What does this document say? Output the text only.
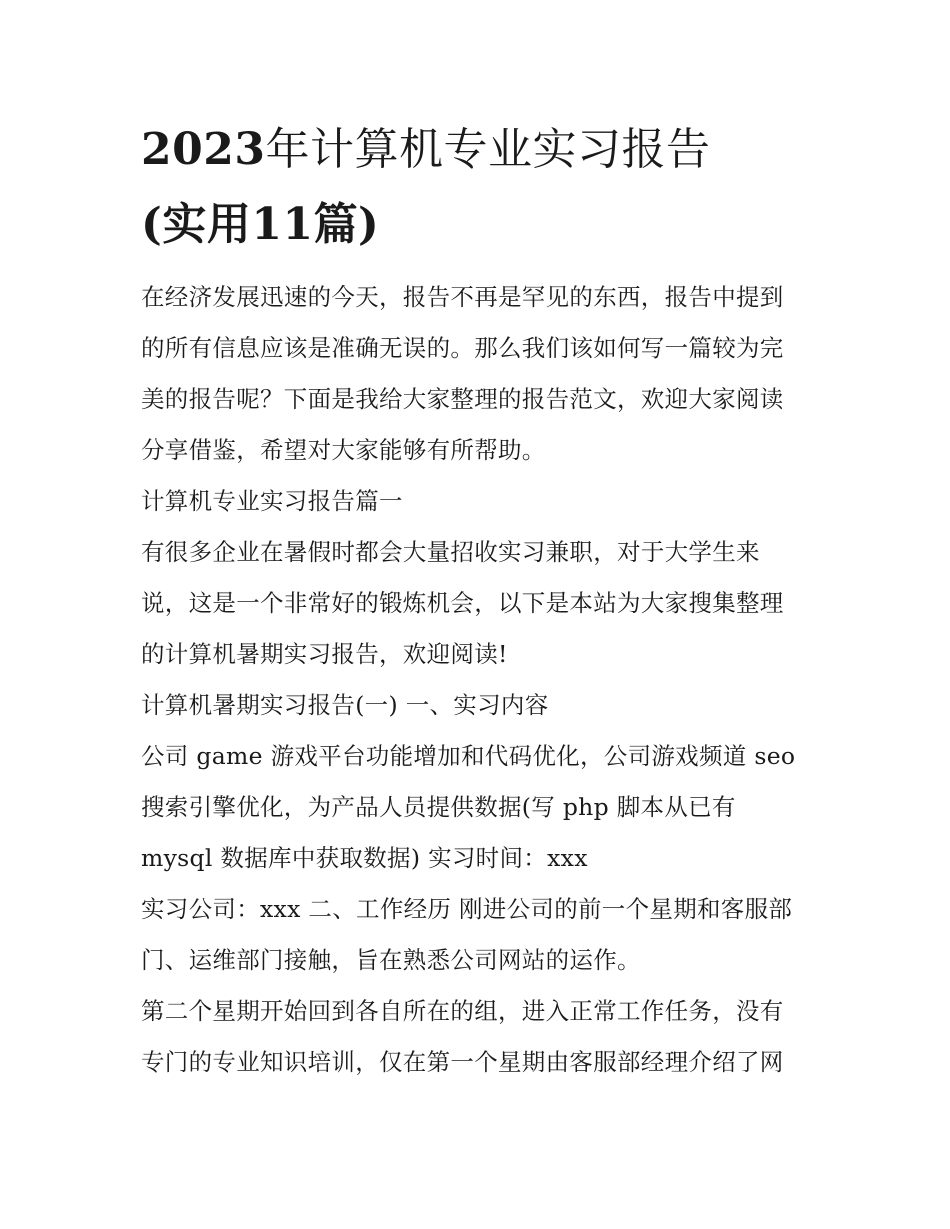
2023年计算机专业实习报告
(实用11篇)

在经济发展迅速的今天，报告不再是罕见的东西，报告中提到
的所有信息应该是准确无误的。那么我们该如何写一篇较为完
美的报告呢？下面是我给大家整理的报告范文，欢迎大家阅读
分享借鉴，希望对大家能够有所帮助。

计算机专业实习报告篇一

有很多企业在暑假时都会大量招收实习兼职，对于大学生来
说，这是一个非常好的锻炼机会，以下是本站为大家搜集整理
的计算机暑期实习报告，欢迎阅读!

计算机暑期实习报告(一) 一、实习内容

公司 game 游戏平台功能增加和代码优化，公司游戏频道 seo
搜索引擎优化，为产品人员提供数据(写 php 脚本从已有
mysql 数据库中获取数据) 实习时间：xxx

实习公司：xxx 二、工作经历 刚进公司的前一个星期和客服部
门、运维部门接触，旨在熟悉公司网站的运作。

第二个星期开始回到各自所在的组，进入正常工作任务，没有
专门的专业知识培训，仅在第一个星期由客服部经理介绍了网
